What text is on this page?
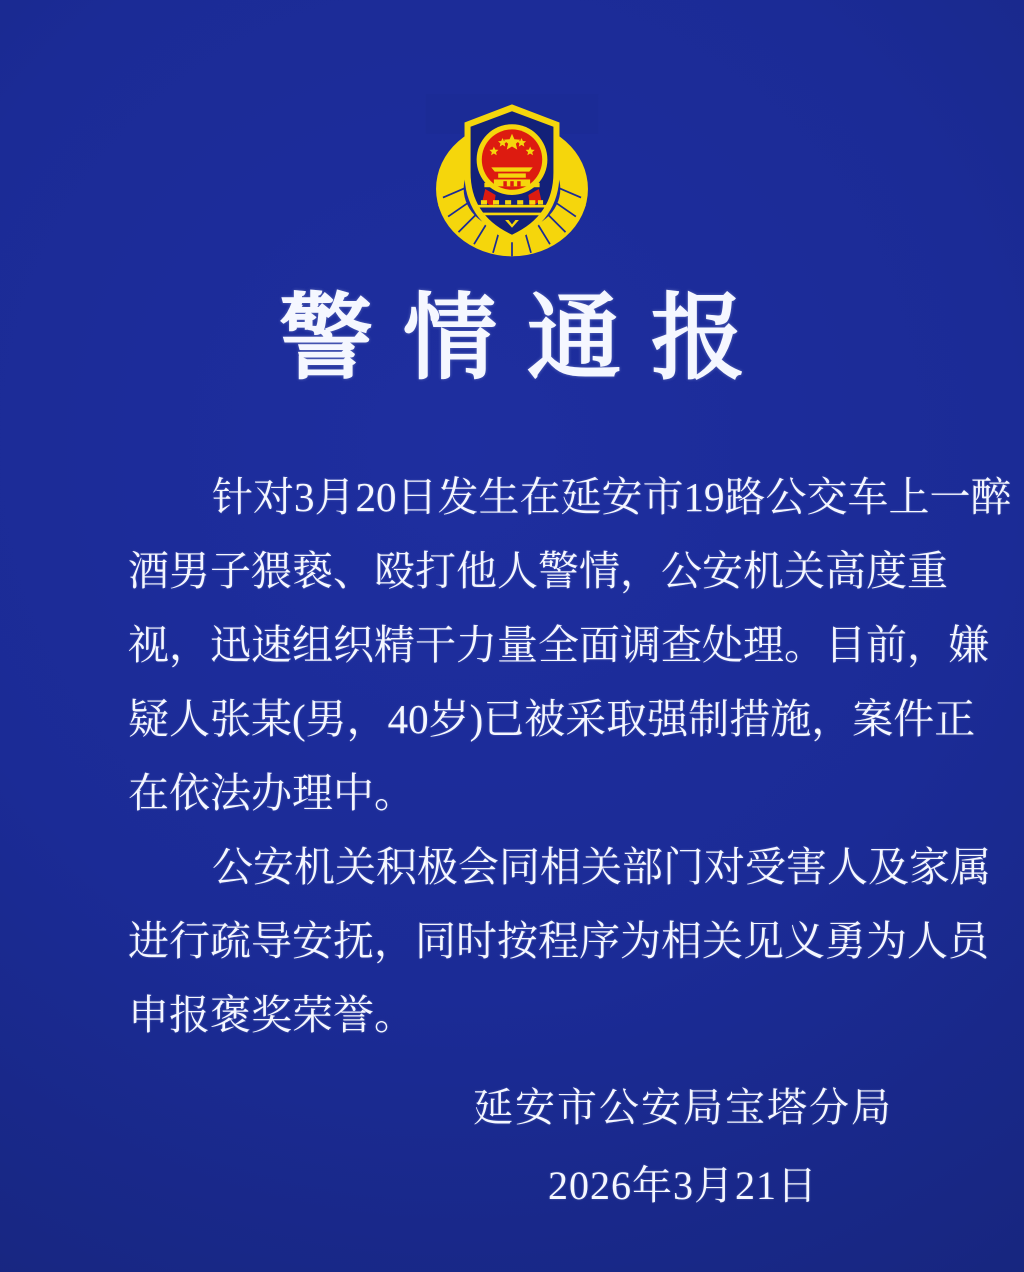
警情通报
针对3月20日发生在延安市19路公交车上一醉
酒男子猥亵、殴打他人警情，公安机关高度重
视，迅速组织精干力量全面调查处理。目前，嫌
疑人张某(男，40岁)已被采取强制措施，案件正
在依法办理中。
公安机关积极会同相关部门对受害人及家属
进行疏导安抚，同时按程序为相关见义勇为人员
申报褒奖荣誉。
延安市公安局宝塔分局
2026年3月21日
